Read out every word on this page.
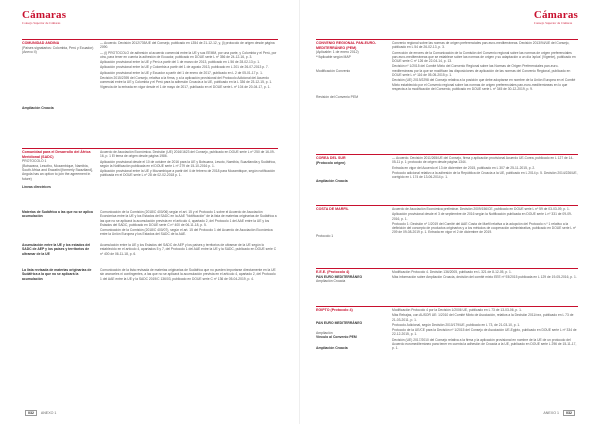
Cámaras
Consejo Superior de Cámaras
COMUNIDAD ANDINA
(Países signatarios: Colombia, Perú y Ecuador)
(Anexo II)
Ampliación Croacia

— Acuerdo. Decisión 2012/735/UE del Consejo, publicado en L354 de 21-12-12, y, (i) protocolo de origen desde página 2090.

— (i) PROTOCOLO de adhesión al acuerdo comercial entre la UE y sus EEMM, por una parte, y Colombia y el Perú, por otra, para tener en cuenta la adhesión de Ecuador, publicado en DOUE serie L nº 356 de 24-12-16, p. 3.

Aplicación provisional entre la UE y Perú a partir del 1 de marzo de 2013, publicado en L 56 de 28-02-13 p. 1.

Aplicación provisional entre la UE y Colombia a partir del 1 de agosto 2013, publicado en L 201 de 26-07-2013 p. 7.

Aplicación provisional entre la UE y Ecuador a partir del 1 de enero de 2017, publicado en L 2 de 05-01-17 p. 1.

Decisión 2015/2395 del Consejo, relativa a la firma, y a la aplicación provisional del Protocolo Adicional del Acuerdo comercial entre la UE y Colombia y el Perú para la adhesión Croacia a la UE, publicado en la L 336 de 23-12-15, p. 1. Vigencia de la entrada en vigor desde el 1 de mayo de 2017, publicado en el DOUE serie L nº 104 de 20-04-17, p. 1.

Comunidad para el Desarrollo del África Meridional (SADC)
PROTOCOLO 1
(Botswana, Lesotho, Mozambique, Namibia, South Africa and Eswatini [formerly Swaziland], Angola has an option to join the agreement in future)
Líneas directrices

Acuerdo de Asociación Económica. Decisión (UE) 2016/1623 del Consejo, publicado en DOUE serie L nº 250 de 16-09-16, p. 1 El tema de origen desde página 1986.

Aplicación provisional desde el 10 de octubre de 2016 para la UE y Botsuana, Lesoto, Namibia, Suazilandia y Sudáfrica, según la Notificación publicada en el DOUE serie L nº 279 de 15-10-2016 p. 1.

Aplicación provisional entre la UE y Mozambique a partir del 4 de febrero de 2018 para Mozambique, según notificación publicada en el DOUE serie L nº 28 de 02-02-2018 p. 1.

Materias de Sudáfrica a las que no se aplica acumulación

Comunicación de la Comisión (2018/C 400/06) según el art. 15 y el Protocolo 1 sobre el Acuerdo de Asociación Económica entre la UE y los Estados del SADC en la AAE "Notificación" de la lista de materias originarias de Sudáfrica a las que no se aplicará la acumulación prevista en el artículo 4, apartado 2, del Protocolo 1 del AAE entre la UE y los Estados del SADC, publicado en DOUE serie C nº 400 de 06-11-18, p. 5.

Comunicación de la Comisión (2018/C 400/07), según el art. 15 del Protocolo 1 del Acuerdo de Asociación Económica entre la Unión Europea y los Estados del SADC de la AAE.

Acumulación entre la UE y los estados del SADC de AEP y los países y territorios de ultramar de la UE

Acumulación entre la UE y los Estados del SADC de AEP y los países y territorios de ultramar de la UE según lo establecido en el artículo 4, apartados 5 y 7, del Protocolo 1 del AAE entre la UE y la SADC, publicado en DOUE serie C nº 400 de 06-11-18, p. 6.

La lista revisada de materias originarias de Sudáfrica a la que no se aplicará la acumulación

Comunicación de la lista revisada de materias originarias de Sudáfrica que no pueden importarse directamente en la UE sin aranceles ni contingentes, a las que no se aplicará la acumulación prevista en el artículo 4, apartado 2, del Protocolo 1 del AAE entre la UE y la SADC 2019/C 136/03, publicado en DOUE serie C nº 136 de 05-04-2019, p. 4.

032 ANEXO 1
Cámaras
Consejo Superior de Cámaras
CONVENIO REGIONAL PAN-EURO-MEDITERRÁNEO (PEM)
(Aplicable: 1 de enero 2012)
**Aplicable según MAP
Modificación Convenio
Revisión del Convenio PEM

Convenio regional sobre las normas de origen preferenciales pan-euro-mediterráneas. Decisión 2013/94/UE del Consejo, publicado en L 54 de 26-02-13, p. 3.

Corrección de errores de la Comunicación de la Comisión del Convenio regional sobre las normas de origen preferenciales pan-euro-mediterráneas que se establece sobre las normas de origen y su adaptación a un día 'aplus' (Vigente), publicado en DOUE serie C nº 126 de 22-04-14, p. 13.

Decisión nº 1/2015 del Comité Mixto del Convenio Regional sobre las Normas de Origen Preferenciales pan-euro-mediterráneas por la que se modifican las disposiciones de aplicación de las normas del Convenio Regional, publicado en DOUE serie L nº 116 de 05-05-2015 p. 1.

Decisión (UE) 2019/2298 del Consejo relativa a la posición que debe adoptarse en nombre de la Unión Europea en el Comité Mixto establecido por el Convenio regional sobre las normas de origen preferenciales pan-euro-mediterráneas en lo que respecta a la modificación del Convenio, publicado en DOUE serie L nº 345 de 30-12-2019, p. 9.

COREA DEL SUR
(Protocolo origen)
Ampliación Croacia

— Acuerdo. Decisión 2011/265/UE del Consejo, firma y aplicación provisional Acuerdo UE-Corea, publicado en L 127 de 14-05-11 p. 1; protocolo de origen desde página 1344.

Entrada en vigor del Acuerdo el 13 de diciembre de 2015, publicado en L 307 de 25-11-2015, p. 2.

Protocolo adicional relativo a la adhesión de la República de Croacia a la UE, publicado en L 2014 p. 5. Decisión 2014/226/UE, corrigido en L 174 de 13-06-2014 p. 1.

COSTA DE MARFIL
Protocolo 1

Acuerdo de Asociación Económica preliminar. Decisión 2009/156/CE, publicado en DOUE serie L nº 59 de 03-03-09, p. 1.

Aplicación provisional desde el 3 de septiembre de 2016 según la Notificación publicada en DOUE serie L nº 331 de 09-09-2016, p. 1.

Protocolo 1: Decisión nº 1/2019 del Comité del AAE Costa de Marfil relativa a la adopción del Protocolo n.º 1 relativo a la definición del concepto de productos originarios y a los métodos de cooperación administrativa, publicado en DOUE serie L nº 209 de 09-08-2019 p. 1. Entrada en vigor el 2 de diciembre de 2019.

E.E.E. (Protocolo 4)
PAN EURO MEDITERRÁNEO
Ampliación Croacia

Modificación Protocolo 4. Decisión 136/2005, publicado en L 321 de 8-12-05, p. 1.

Más información sobre Ampliación Croacia, decisión del comité mixto EEE nº 93/2015 publicada en L 129 de 19-05-2016, p. 1.

EGIPTO (Protocolo 4)
PAN EURO MEDITERRÁNEO
Ampliación
Vínculo al Convenio PEM
Ampliación Croacia

Modificación Protocolo 4 por la Decisión 1/2006 UE, publicado en L 73 de 13-03-06, p. 1.

Más Rebajas, con AUSOR UE: 1/2010 del Comité Mixto de Asociación, relativa a la Decisión 2011/xxx, publicado en L 73 de 21-03-2011, p. 1.

Protocolo Adicional, según Decisión 2010/179/UE, publicado en L 73, de 21-03-10, p. 1.

Protocolo de la UE/CE para la Decisión nº 1/2015 del Consejo de Asociación UE-Egipto, publicado en DOUE serie L nº 334 de 22-12-2015, p. 1.

Decisión (UE) 2017/2010 del Consejo relativa a la firma y la aplicación provisional en nombre de la UE de un protocolo del Acuerdo euromediterráneo para tener en cuenta la adhesión de Croacia a la UE, publicado en DOUE serie L 296 de 15-11-17, p. 1.

ANEXO 1 032
